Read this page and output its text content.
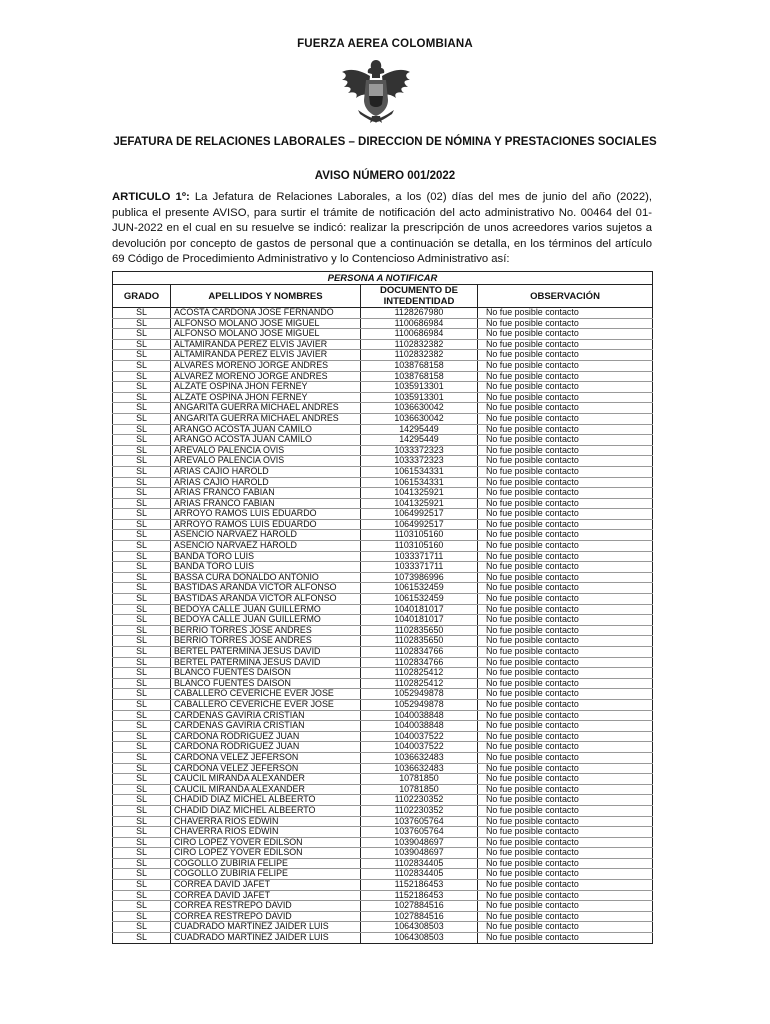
FUERZA AEREA COLOMBIANA
JEFATURA DE RELACIONES LABORALES – DIRECCION DE NÓMINA Y PRESTACIONES SOCIALES
AVISO NÚMERO 001/2022
ARTICULO 1º: La Jefatura de Relaciones Laborales, a los (02) días del mes de junio del año (2022), publica el presente AVISO, para surtir el trámite de notificación del acto administrativo No. 00464 del 01-JUN-2022 en el cual en su resuelve se indicó: realizar la prescripción de unos acreedores varios sujetos a devolución por concepto de gastos de personal que a continuación se detalla, en los términos del artículo 69 Código de Procedimiento Administrativo y lo Contencioso Administrativo así:
PERSONA A NOTIFICAR			
GRADO	APELLIDOS Y NOMBRES	DOCUMENTO DE INTEDENTIDAD	OBSERVACIÓN
SL	ACOSTA CARDONA JOSÉ FERNANDO	1128267980	No fue posible contacto
SL	ALFONSO MOLANO JOSE MIGUEL	1100686984	No fue posible contacto
SL	ALFONSO MOLANO JOSE MIGUEL	1100686984	No fue posible contacto
SL	ALTAMIRANDA PEREZ ELVIS JAVIER	1102832382	No fue posible contacto
SL	ALTAMIRANDA PEREZ ELVIS JAVIER	1102832382	No fue posible contacto
SL	ALVARES MORENO JORGE ANDRES	1038768158	No fue posible contacto
SL	ALVAREZ MORENO JORGE ANDRES	1038768158	No fue posible contacto
SL	ALZATE OSPINA JHON FERNEY	1035913301	No fue posible contacto
SL	ALZATE OSPINA JHON FERNEY	1035913301	No fue posible contacto
SL	ANGARITA GUERRA MICHAEL ANDRES	1036630042	No fue posible contacto
SL	ANGARITA GUERRA MICHAEL ANDRES	1036630042	No fue posible contacto
SL	ARANGO ACOSTA JUAN CAMILO	14295449	No fue posible contacto
SL	ARANGO ACOSTA JUAN CAMILO	14295449	No fue posible contacto
SL	AREVALO PALENCIA OVIS	1033372323	No fue posible contacto
SL	AREVALO PALENCIA OVIS	1033372323	No fue posible contacto
SL	ARIAS CAJIO HAROLD	1061534331	No fue posible contacto
SL	ARIAS CAJIO HAROLD	1061534331	No fue posible contacto
SL	ARIAS FRANCO FABIAN	1041325921	No fue posible contacto
SL	ARIAS FRANCO FABIAN	1041325921	No fue posible contacto
SL	ARROYO RAMOS LUIS EDUARDO	1064992517	No fue posible contacto
SL	ARROYO RAMOS LUIS EDUARDO	1064992517	No fue posible contacto
SL	ASENCIO NARVAEZ HAROLD	1103105160	No fue posible contacto
SL	ASENCIO NARVAEZ HAROLD	1103105160	No fue posible contacto
SL	BANDA TORO LUIS	1033371711	No fue posible contacto
SL	BANDA TORO LUIS	1033371711	No fue posible contacto
SL	BASSA CURA DONALDO ANTONIO	1073986996	No fue posible contacto
SL	BASTIDAS ARANDA VICTOR ALFONSO	1061532459	No fue posible contacto
SL	BASTIDAS ARANDA VICTOR ALFONSO	1061532459	No fue posible contacto
SL	BEDOYA CALLE JUAN GUILLERMO	1040181017	No fue posible contacto
SL	BEDOYA CALLE JUAN GUILLERMO	1040181017	No fue posible contacto
SL	BERRIO TORRES JOSE ANDRES	1102835650	No fue posible contacto
SL	BERRIO TORRES JOSE ANDRES	1102835650	No fue posible contacto
SL	BERTEL PATERMINA JESUS DAVID	1102834766	No fue posible contacto
SL	BERTEL PATERMINA JESUS DAVID	1102834766	No fue posible contacto
SL	BLANCO FUENTES DAISON	1102825412	No fue posible contacto
SL	BLANCO FUENTES DAISON	1102825412	No fue posible contacto
SL	CABALLERO CEVERICHE EVER JOSÉ	1052949878	No fue posible contacto
SL	CABALLERO CEVERICHE EVER JOSÉ	1052949878	No fue posible contacto
SL	CARDENAS GAVIRIA CRISTIAN	1040038848	No fue posible contacto
SL	CARDENAS GAVIRIA CRISTIAN	1040038848	No fue posible contacto
SL	CARDONA RODRIGUEZ JUAN	1040037522	No fue posible contacto
SL	CARDONA RODRIGUEZ JUAN	1040037522	No fue posible contacto
SL	CARDONA VELEZ JEFERSON	1036632483	No fue posible contacto
SL	CARDONA VELEZ JEFERSON	1036632483	No fue posible contacto
SL	CAUCIL MIRANDA ALEXANDER	10781850	No fue posible contacto
SL	CAUCIL MIRANDA ALEXANDER	10781850	No fue posible contacto
SL	CHADID DIAZ MICHEL ALBEERTO	1102230352	No fue posible contacto
SL	CHADID DIAZ MICHEL ALBEERTO	1102230352	No fue posible contacto
SL	CHAVERRA RIOS EDWIN	1037605764	No fue posible contacto
SL	CHAVERRA RIOS EDWIN	1037605764	No fue posible contacto
SL	CIRO LOPEZ YOVER EDILSON	1039048697	No fue posible contacto
SL	CIRO LOPEZ YOVER EDILSON	1039048697	No fue posible contacto
SL	COGOLLO ZUBIRIA FELIPE	1102834405	No fue posible contacto
SL	COGOLLO ZUBIRIA FELIPE	1102834405	No fue posible contacto
SL	CORREA DAVID JAFET	1152186453	No fue posible contacto
SL	CORREA DAVID JAFET	1152186453	No fue posible contacto
SL	CORREA RESTREPO DAVID	1027884516	No fue posible contacto
SL	CORREA RESTREPO DAVID	1027884516	No fue posible contacto
SL	CUADRADO MARTINEZ JAIDER LUIS	1064308503	No fue posible contacto
SL	CUADRADO MARTINEZ JAIDER LUIS	1064308503	No fue posible contacto
